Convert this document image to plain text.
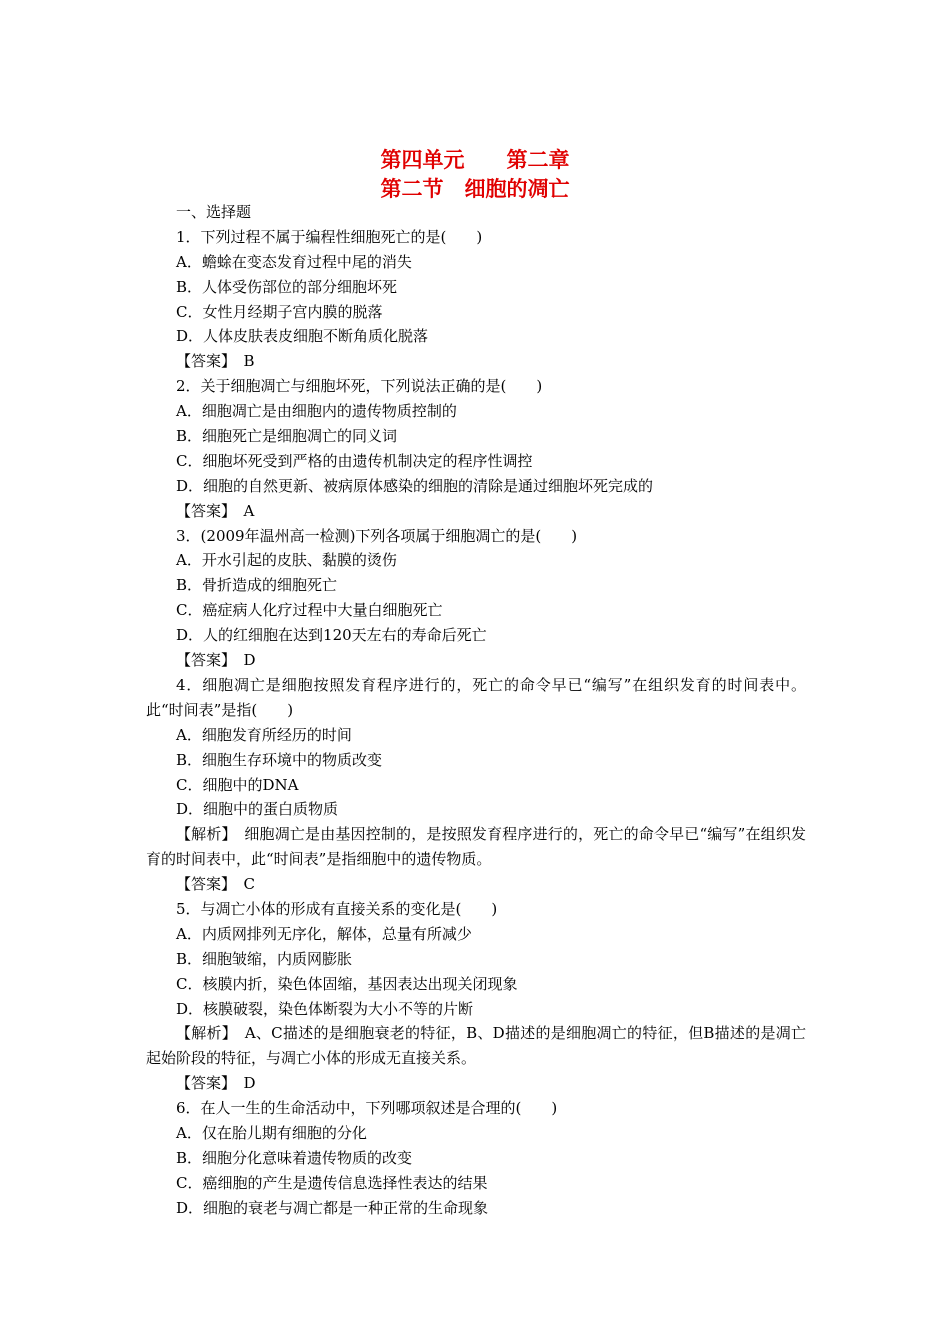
第四单元　　第二章
第二节　细胞的凋亡
一、选择题
1．下列过程不属于编程性细胞死亡的是(　　)
A．蟾蜍在变态发育过程中尾的消失
B．人体受伤部位的部分细胞坏死
C．女性月经期子宫内膜的脱落
D．人体皮肤表皮细胞不断角质化脱落
【答案】　B
2．关于细胞凋亡与细胞坏死，下列说法正确的是(　　)
A．细胞凋亡是由细胞内的遗传物质控制的
B．细胞死亡是细胞凋亡的同义词
C．细胞坏死受到严格的由遗传机制决定的程序性调控
D．细胞的自然更新、被病原体感染的细胞的清除是通过细胞坏死完成的
【答案】　A
3．(2009年温州高一检测)下列各项属于细胞凋亡的是(　　)
A．开水引起的皮肤、黏膜的烫伤
B．骨折造成的细胞死亡
C．癌症病人化疗过程中大量白细胞死亡
D．人的红细胞在达到120天左右的寿命后死亡
【答案】　D
4．细胞凋亡是细胞按照发育程序进行的，死亡的命令早已“编写”在组织发育的时间表中。此“时间表”是指(　　)
A．细胞发育所经历的时间
B．细胞生存环境中的物质改变
C．细胞中的DNA
D．细胞中的蛋白质物质
【解析】　细胞凋亡是由基因控制的，是按照发育程序进行的，死亡的命令早已“编写”在组织发育的时间表中，此“时间表”是指细胞中的遗传物质。
【答案】　C
5．与凋亡小体的形成有直接关系的变化是(　　)
A．内质网排列无序化，解体，总量有所减少
B．细胞皱缩，内质网膨胀
C．核膜内折，染色体固缩，基因表达出现关闭现象
D．核膜破裂，染色体断裂为大小不等的片断
【解析】　A、C描述的是细胞衰老的特征，B、D描述的是细胞凋亡的特征，但B描述的是凋亡起始阶段的特征，与凋亡小体的形成无直接关系。
【答案】　D
6．在人一生的生命活动中，下列哪项叙述是合理的(　　)
A．仅在胎儿期有细胞的分化
B．细胞分化意味着遗传物质的改变
C．癌细胞的产生是遗传信息选择性表达的结果
D．细胞的衰老与凋亡都是一种正常的生命现象
